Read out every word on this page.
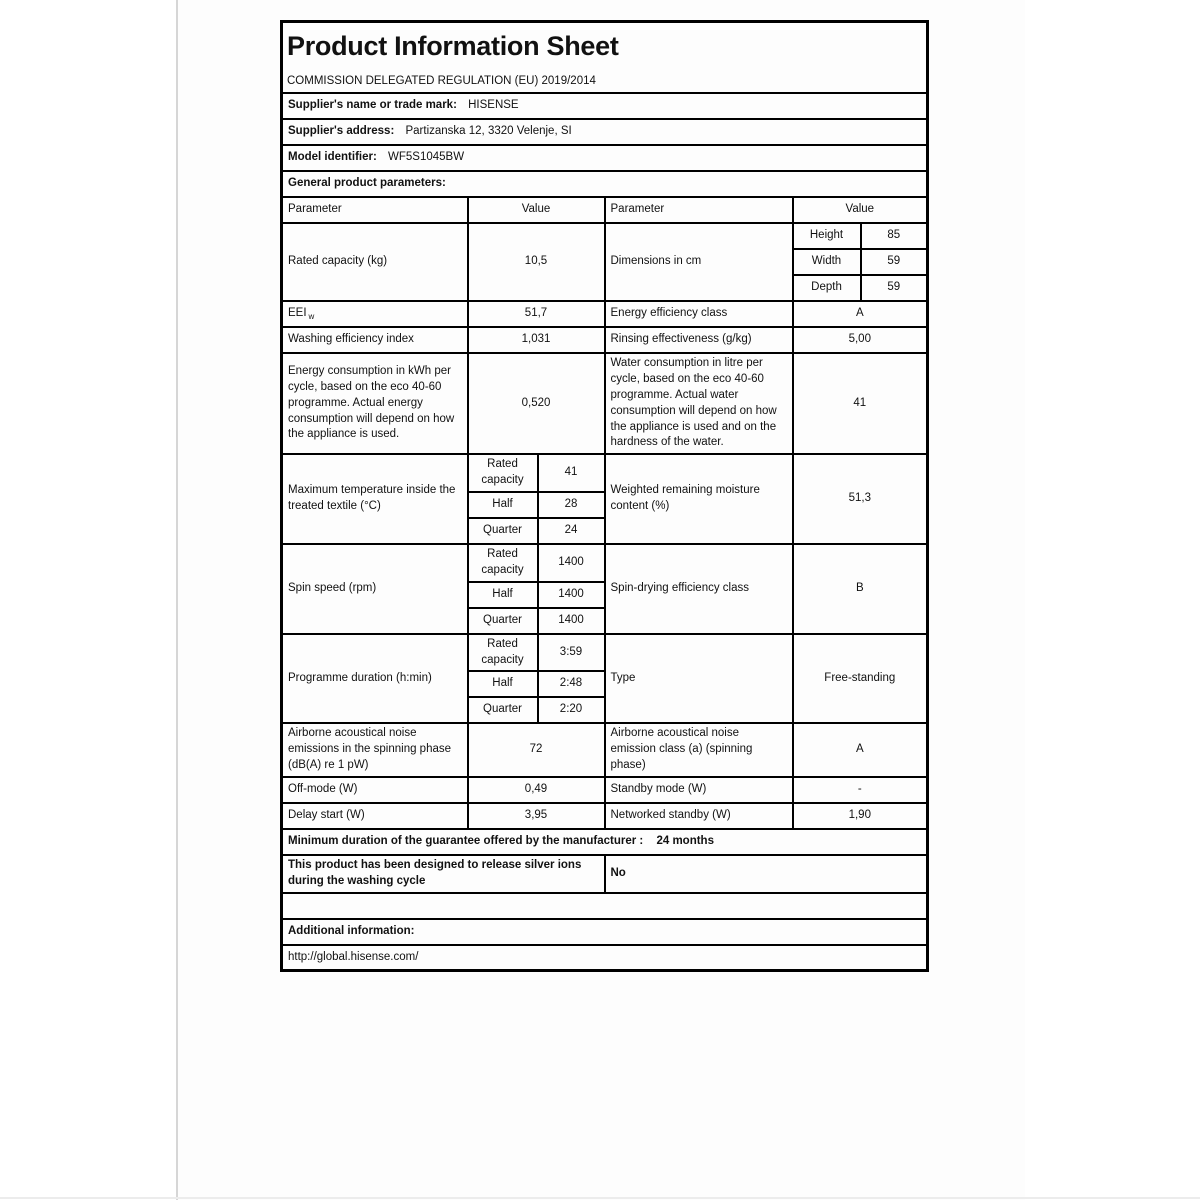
Product Information Sheet
COMMISSION DELEGATED REGULATION (EU) 2019/2014

Supplier's name or trade mark: HISENSE					
Supplier's address: Partizanska 12, 3320 Velenje, SI					
Model identifier: WF5S1045BW					
General product parameters:					
Parameter	Value		Parameter	Value	
Rated capacity (kg)	10,5		Dimensions in cm	Height	85
				Width	59
				Depth	59
EEI $_w$	51,7		Energy efficiency class	A	
Washing efficiency index	1,031		Rinsing effectiveness (g/kg)	5,00	
Energy consumption in kWh per cycle, based on the eco 40-60 programme. Actual energy consumption will depend on how the appliance is used.	0,520		Water consumption in litre per cycle, based on the eco 40-60 programme. Actual water consumption will depend on how the appliance is used and on the hardness of the water.	41	
Maximum temperature inside the treated textile (°C)	Rated capacity	41	Weighted remaining moisture content (%)	51,3	
	Half	28			
	Quarter	24			
Spin speed (rpm)	Rated capacity	1400	Spin-drying efficiency class	B	
	Half	1400			
	Quarter	1400			
Programme duration (h:min)	Rated capacity	3:59	Type	Free-standing	
	Half	2:48			
	Quarter	2:20			
Airborne acoustical noise emissions in the spinning phase (dB(A) re 1 pW)	72		Airborne acoustical noise emission class (a) (spinning phase)	A	
Off-mode (W)	0,49		Standby mode (W)	-	
Delay start (W)	3,95		Networked standby (W)	1,90	
Minimum duration of the guarantee offered by the manufacturer : 24 months					
This product has been designed to release silver ions during the washing cycle			No		

Additional information:					
http://global.hisense.com/					
